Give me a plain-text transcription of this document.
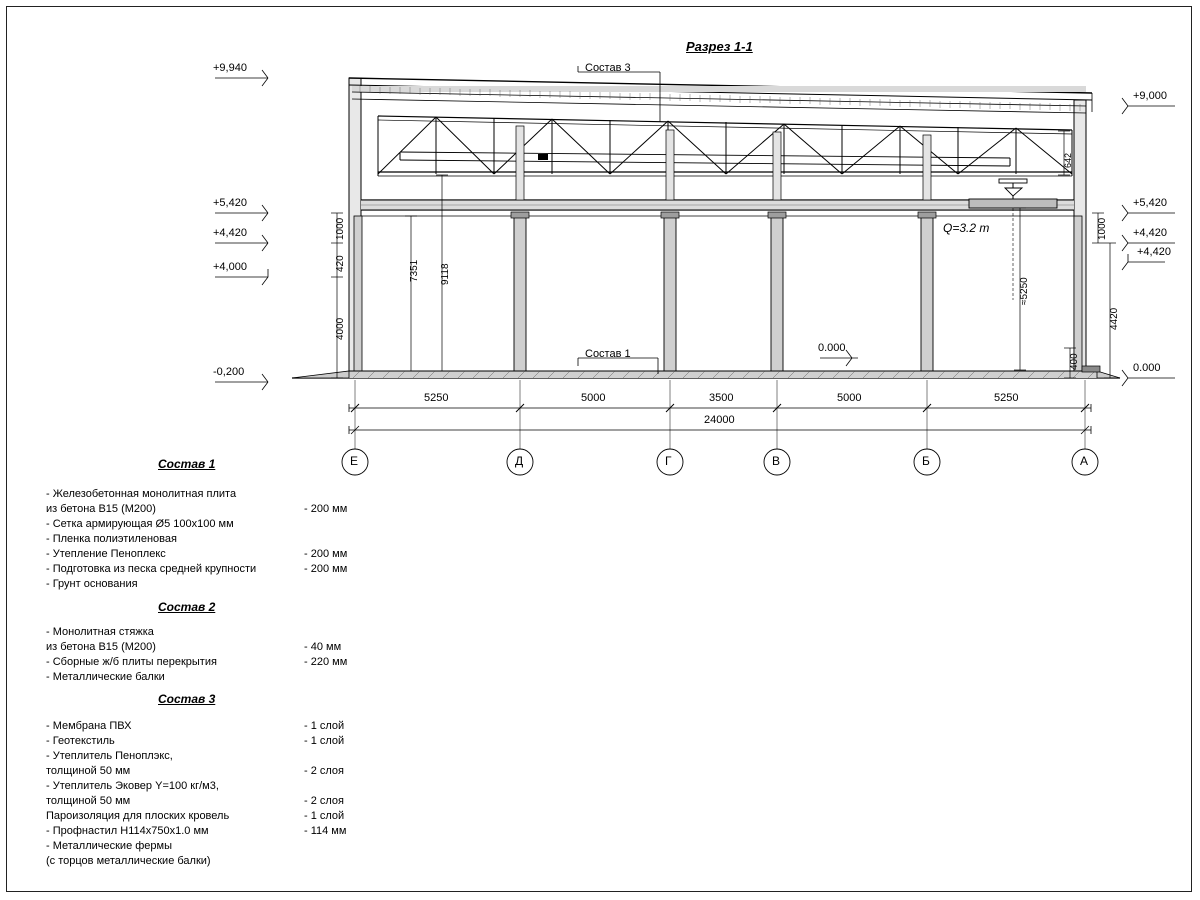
Разрез 1-1
+9,940
+5,420
+4,420
+4,000
-0,200
+9,000
+5,420
+4,420
+4,420
0.000
0.000
1000
420
4000
7351 9118
642
≈5250
1000
4420
400
Состав 3
Состав 1
Q=3.2 m
5250	5000	3500	5000	5250
24000
Е	Д	Г	В	Б	А
Состав 1
- Железобетонная монолитная плита
из бетона B15 (M200)	- 200 мм
- Сетка армирующая Ø5 100х100 мм
- Пленка полиэтиленовая
- Утепление Пеноплекс	- 200 мм
- Подготовка из песка средней крупности	- 200 мм
- Грунт основания
Состав 2
- Монолитная стяжка
из бетона B15 (M200)	- 40 мм
- Сборные ж/б плиты перекрытия	- 220 мм
- Металлические балки
Состав 3
- Мембрана ПВХ	- 1 слой
- Геотекстиль	- 1 слой
- Утеплитель Пеноплэкс,
толщиной 50 мм	- 2 слоя
- Утеплитель Эковер Y=100 кг/м3,
толщиной 50 мм	- 2 слоя
Пароизоляция для плоских кровель	- 1 слой
- Профнастил H114x750x1.0 мм	- 114 мм
- Металлические фермы
(с торцов металлические балки)
